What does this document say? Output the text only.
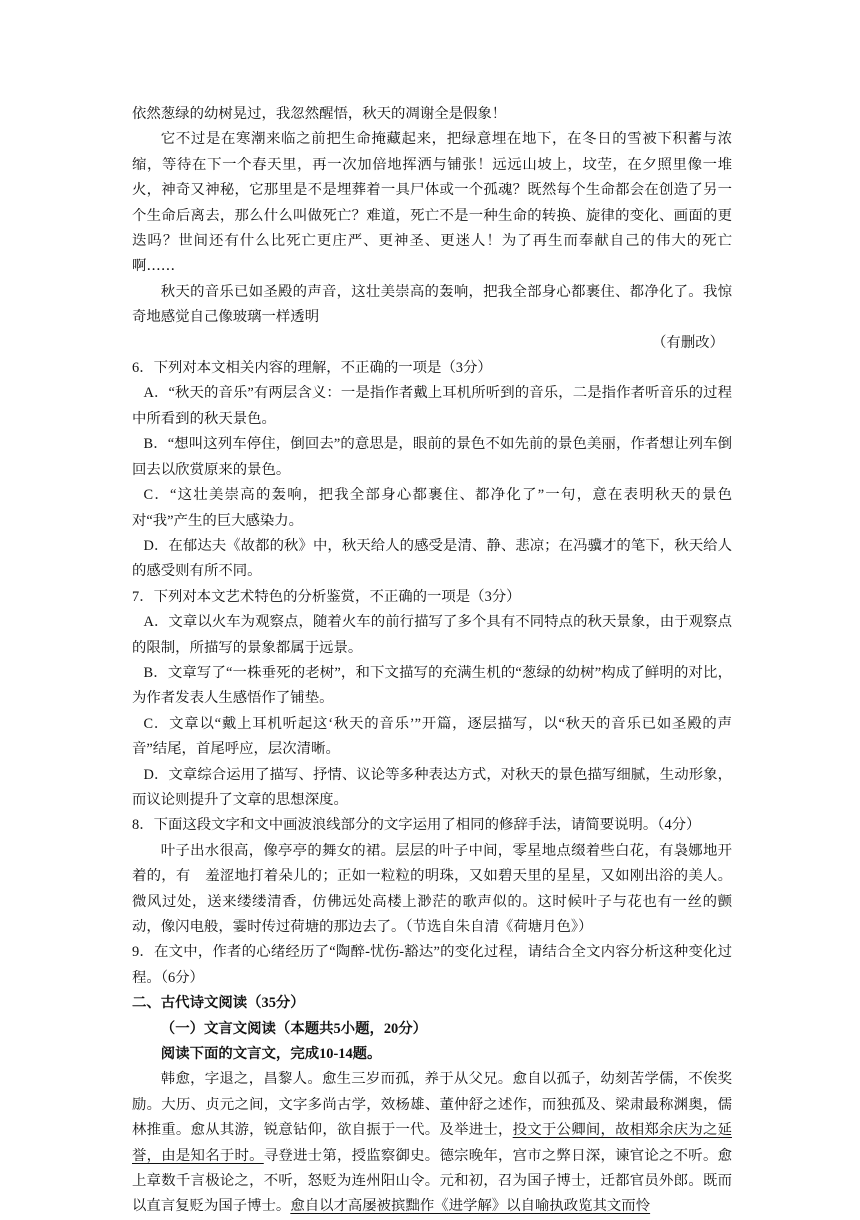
依然葱绿的幼树晃过，我忽然醒悟，秋天的凋谢全是假象！

它不过是在寒潮来临之前把生命掩藏起来，把绿意埋在地下，在冬日的雪被下积蓄与浓缩，等待在下一个春天里，再一次加倍地挥洒与铺张！远远山坡上，坟茔，在夕照里像一堆火，神奇又神秘，它那里是不是埋葬着一具尸体或一个孤魂？既然每个生命都会在创造了另一个生命后离去，那么什么叫做死亡？难道，死亡不是一种生命的转换、旋律的变化、画面的更迭吗？世间还有什么比死亡更庄严、更神圣、更迷人！为了再生而奉献自己的伟大的死亡啊……

秋天的音乐已如圣殿的声音，这壮美崇高的轰响，把我全部身心都裹住、都净化了。我惊奇地感觉自己像玻璃一样透明

（有删改）

6．下列对本文相关内容的理解，不正确的一项是（3分）

A．“秋天的音乐”有两层含义：一是指作者戴上耳机所听到的音乐，二是指作者听音乐的过程中所看到的秋天景色。

B．“想叫这列车停住，倒回去”的意思是，眼前的景色不如先前的景色美丽，作者想让列车倒回去以欣赏原来的景色。

C．“这壮美崇高的轰响，把我全部身心都裹住、都净化了”一句，意在表明秋天的景色对“我”产生的巨大感染力。

D．在郁达夫《故都的秋》中，秋天给人的感受是清、静、悲凉；在冯骥才的笔下，秋天给人的感受则有所不同。

7．下列对本文艺术特色的分析鉴赏，不正确的一项是（3分）

A．文章以火车为观察点，随着火车的前行描写了多个具有不同特点的秋天景象，由于观察点的限制，所描写的景象都属于远景。

B．文章写了“一株垂死的老树”，和下文描写的充满生机的“葱绿的幼树”构成了鲜明的对比，为作者发表人生感悟作了铺垫。

C．文章以“戴上耳机听起这‘秋天的音乐’”开篇，逐层描写，以“秋天的音乐已如圣殿的声音”结尾，首尾呼应，层次清晰。

D．文章综合运用了描写、抒情、议论等多种表达方式，对秋天的景色描写细腻，生动形象，而议论则提升了文章的思想深度。

8．下面这段文字和文中画波浪线部分的文字运用了相同的修辞手法，请简要说明。（4分）

叶子出水很高，像亭亭的舞女的裙。层层的叶子中间，零星地点缀着些白花，有袅娜地开着的，有　羞涩地打着朵儿的；正如一粒粒的明珠，又如碧天里的星星，又如刚出浴的美人。微风过处，送来缕缕清香，仿佛远处高楼上渺茫的歌声似的。这时候叶子与花也有一丝的颤动，像闪电般，霎时传过荷塘的那边去了。（节选自朱自清《荷塘月色》）

9．在文中，作者的心绪经历了“陶醉-忧伤-豁达”的变化过程，请结合全文内容分析这种变化过程。（6分）

二、古代诗文阅读（35分）

（一）文言文阅读（本题共5小题，20分）

阅读下面的文言文，完成10-14题。

韩愈，字退之，昌黎人。愈生三岁而孤，养于从父兄。愈自以孤子，幼刻苦学儒，不俟奖励。大历、贞元之间，文字多尚古学，效杨雄、董仲舒之述作，而独孤及、梁肃最称渊奥，儒林推重。愈从其游，锐意钻仰，欲自振于一代。及举进士，投文于公卿间，故相郑余庆为之延誉，由是知名于时。寻登进士第，授监察御史。德宗晚年，宫市之弊日深，谏官论之不听。愈上章数千言极论之，不听，怒贬为连州阳山令。元和初，召为国子博士，迁都官员外郎。既而以直言复贬为国子博士。愈自以才高屡被摈黜作《进学解》以自喻执政览其文而怜
